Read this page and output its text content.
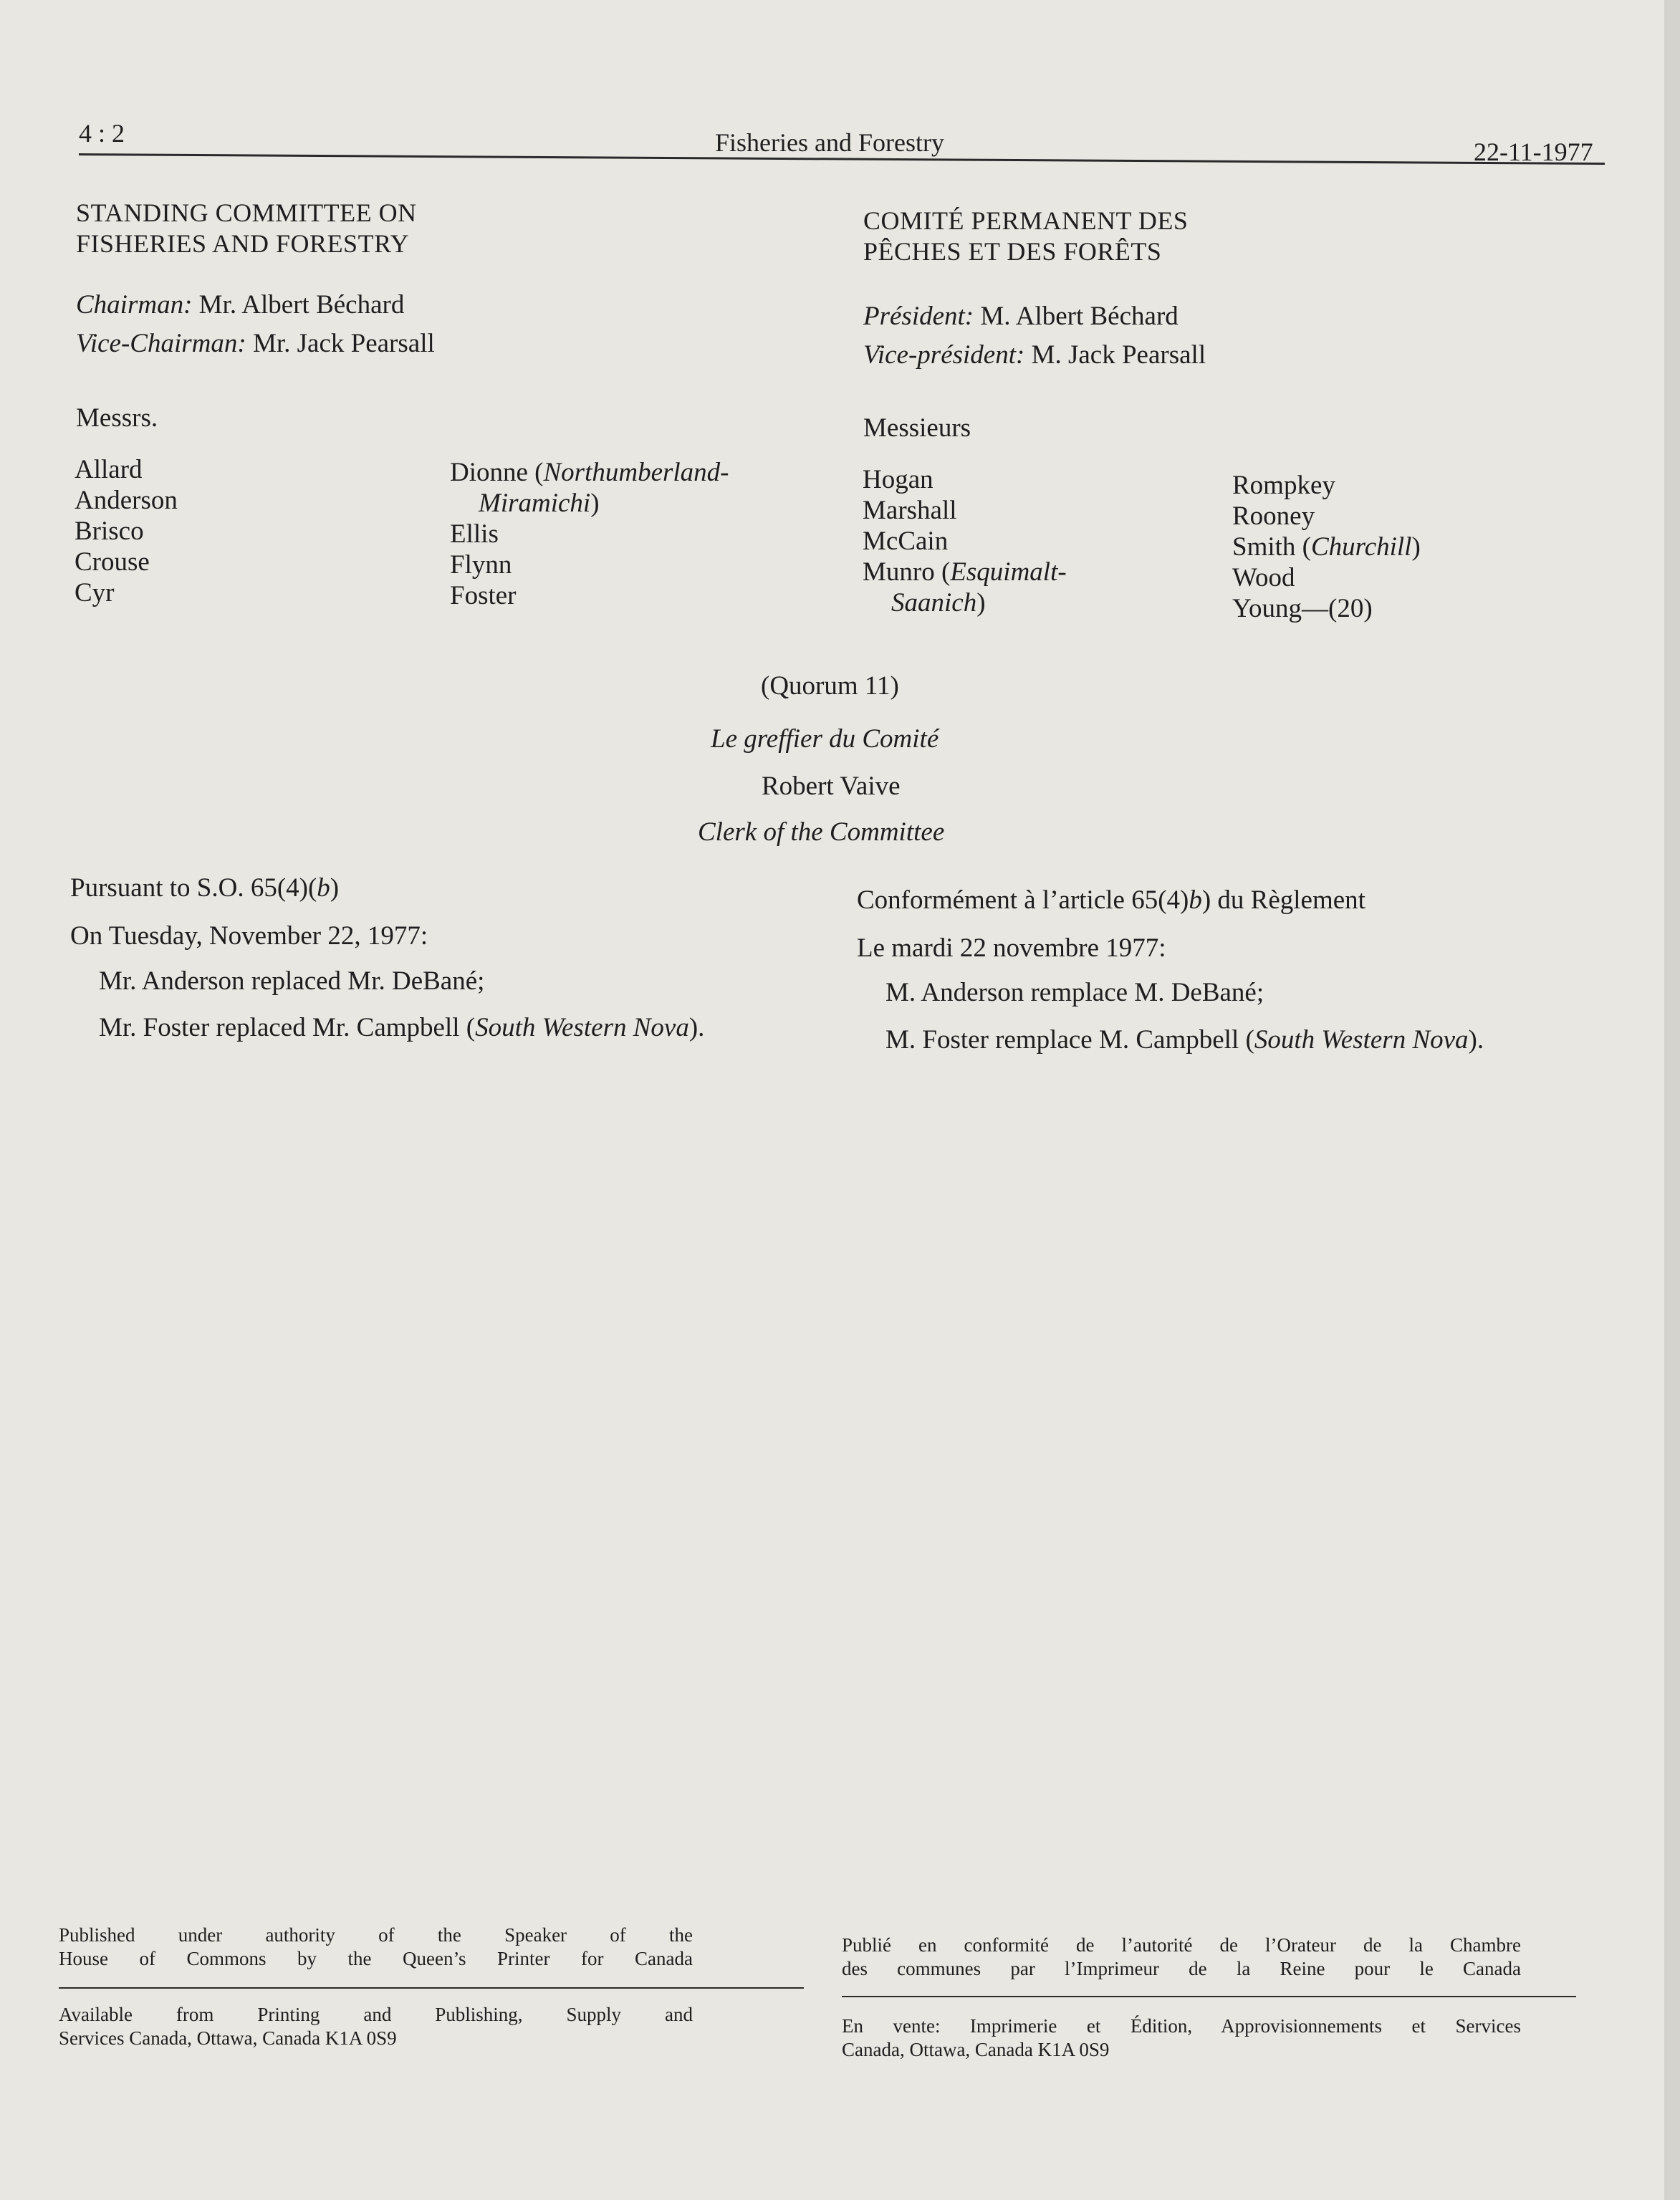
4 : 2	Fisheries and Forestry	22-11-1977
STANDING COMMITTEE ON
FISHERIES AND FORESTRY
Chairman: Mr. Albert Béchard
Vice-Chairman: Mr. Jack Pearsall
Messrs.
Allard
Anderson
Brisco
Crouse
Cyr
Dionne (Northumberland-
Miramichi)
Ellis
Flynn
Foster
COMITÉ PERMANENT DES
PÊCHES ET DES FORÊTS
Président: M. Albert Béchard
Vice-président: M. Jack Pearsall
Messieurs
Hogan
Marshall
McCain
Munro (Esquimalt-
Saanich)
Rompkey
Rooney
Smith (Churchill)
Wood
Young—(20)
(Quorum 11)
Le greffier du Comité
Robert Vaive
Clerk of the Committee
Pursuant to S.O. 65(4)(b)
On Tuesday, November 22, 1977:
Mr. Anderson replaced Mr. DeBané;
Mr. Foster replaced Mr. Campbell (South Western Nova).
Conformément à l’article 65(4)b) du Règlement
Le mardi 22 novembre 1977:
M. Anderson remplace M. DeBané;
M. Foster remplace M. Campbell (South Western Nova).
Published under authority of the Speaker of the
House of Commons by the Queen’s Printer for Canada
Available from Printing and Publishing, Supply and
Services Canada, Ottawa, Canada K1A 0S9
Publié en conformité de l’autorité de l’Orateur de la Chambre
des communes par l’Imprimeur de la Reine pour le Canada
En vente: Imprimerie et Édition, Approvisionnements et Services
Canada, Ottawa, Canada K1A 0S9
